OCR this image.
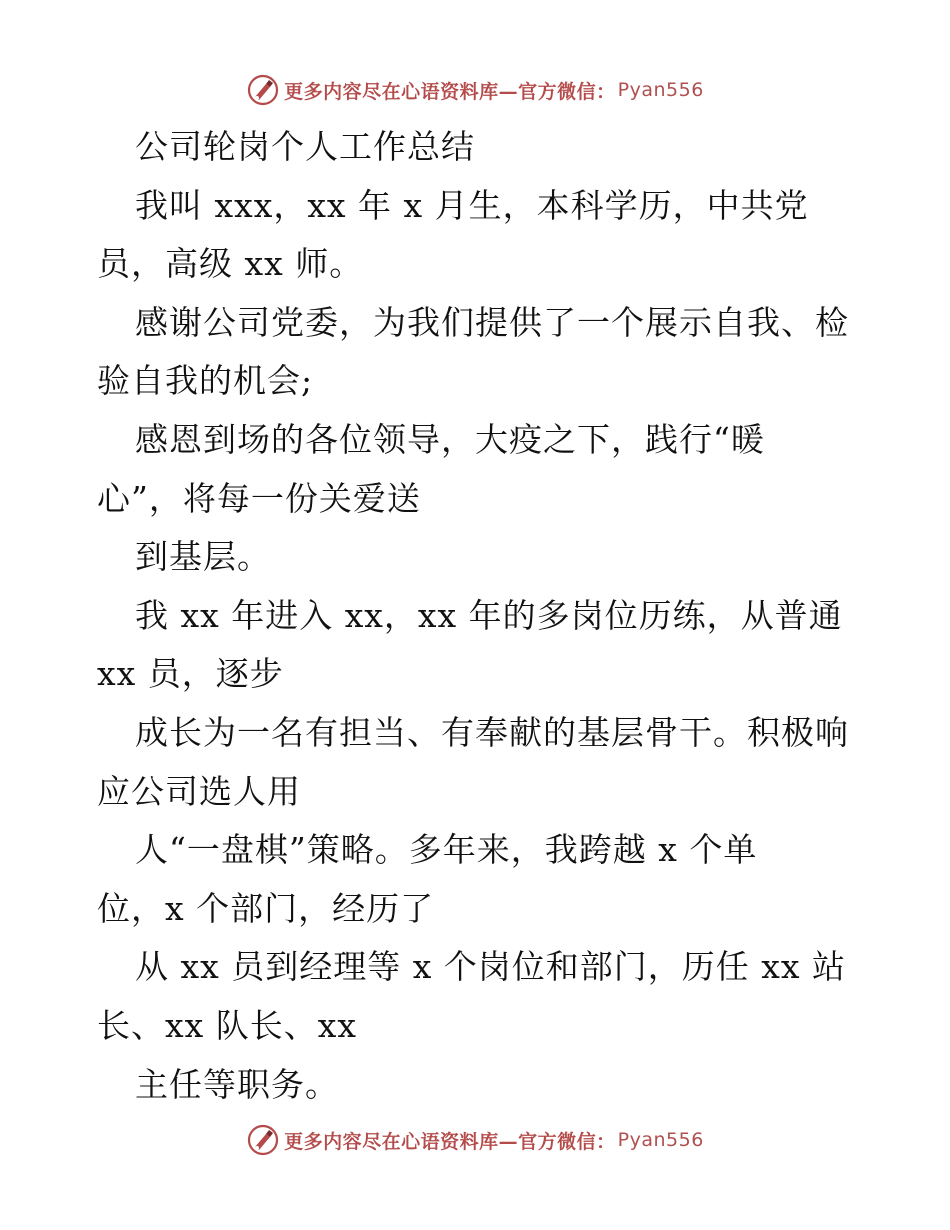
更多内容尽在心语资料库—官方微信： Pyan556
公司轮岗个人工作总结
我叫 xxx，xx 年 x 月生，本科学历，中共党
员，高级 xx 师。
感谢公司党委，为我们提供了一个展示自我、检
验自我的机会;
感恩到场的各位领导，大疫之下，践行“暖
心”，将每一份关爱送
到基层。
我 xx 年进入 xx，xx 年的多岗位历练，从普通
xx 员，逐步
成长为一名有担当、有奉献的基层骨干。积极响
应公司选人用
人“一盘棋”策略。多年来，我跨越 x 个单
位，x 个部门，经历了
从 xx 员到经理等 x 个岗位和部门，历任 xx 站
长、xx 队长、xx
主任等职务。
更多内容尽在心语资料库—官方微信： Pyan556
